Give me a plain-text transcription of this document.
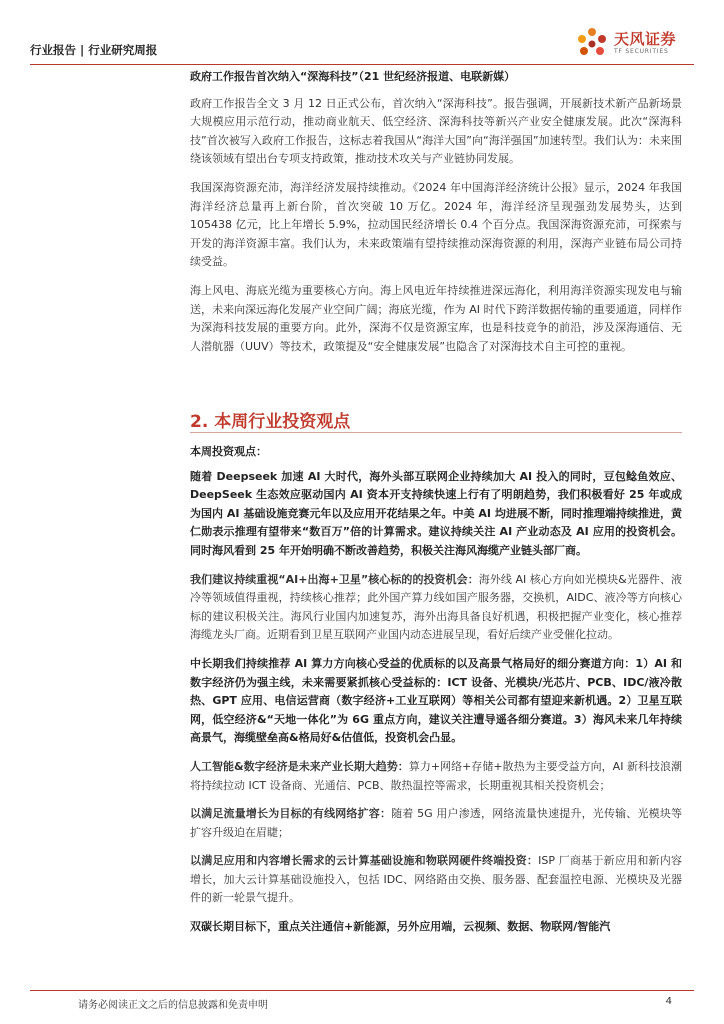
行业报告 | 行业研究周报
天风证券
TF SECURITIES

政府工作报告首次纳入“深海科技”（21 世纪经济报道、电联新媒）

政府工作报告全文 3 月 12 日正式公布，首次纳入“深海科技”。报告强调，开展新技术新产品新场景大规模应用示范行动，推动商业航天、低空经济、深海科技等新兴产业安全健康发展。此次“深海科技”首次被写入政府工作报告，这标志着我国从“海洋大国”向“海洋强国”加速转型。我们认为：未来围绕该领域有望出台专项支持政策，推动技术攻关与产业链协同发展。

我国深海资源充沛，海洋经济发展持续推动。《2024 年中国海洋经济统计公报》显示，2024 年我国海洋经济总量再上新台阶，首次突破 10 万亿。2024 年，海洋经济呈现强劲发展势头，达到 105438 亿元，比上年增长 5.9%，拉动国民经济增长 0.4 个百分点。我国深海资源充沛，可探索与开发的海洋资源丰富。我们认为，未来政策端有望持续推动深海资源的利用，深海产业链布局公司持续受益。

海上风电、海底光缆为重要核心方向。海上风电近年持续推进深远海化，利用海洋资源实现发电与输送，未来向深远海化发展产业空间广阔；海底光缆，作为 AI 时代下跨洋数据传输的重要通道，同样作为深海科技发展的重要方向。此外，深海不仅是资源宝库，也是科技竞争的前沿，涉及深海通信、无人潜航器（UUV）等技术，政策提及“安全健康发展”也隐含了对深海技术自主可控的重视。

2. 本周行业投资观点

本周投资观点：

随着 Deepseek 加速 AI 大时代，海外头部互联网企业持续加大 AI 投入的同时，豆包鲶鱼效应、DeepSeek 生态效应驱动国内 AI 资本开支持续快速上行有了明朗趋势，我们积极看好 25 年或成为国内 AI 基础设施竞赛元年以及应用开花结果之年。中美 AI 均进展不断，同时推理端持续推进，黄仁勋表示推理有望带来“数百万”倍的计算需求。建议持续关注 AI 产业动态及 AI 应用的投资机会。同时海风看到 25 年开始明确不断改善趋势，积极关注海风海缆产业链头部厂商。

我们建议持续重视“AI+出海+卫星”核心标的的投资机会：海外线 AI 核心方向如光模块&光器件、液冷等领域值得重视，持续核心推荐；此外国产算力线如国产服务器，交换机，AIDC、液冷等方向核心标的建议积极关注。海风行业国内加速复苏，海外出海具备良好机遇，积极把握产业变化，核心推荐海缆龙头厂商。近期看到卫星互联网产业国内动态进展呈现，看好后续产业受催化拉动。

中长期我们持续推荐 AI 算力方向核心受益的优质标的以及高景气格局好的细分赛道方向：1）AI 和数字经济仍为强主线，未来需要紧抓核心受益标的：ICT 设备、光模块/光芯片、PCB、IDC/液冷散热、GPT 应用、电信运营商（数字经济+工业互联网）等相关公司都有望迎来新机遇。2）卫星互联网，低空经济&“天地一体化”为 6G 重点方向，建议关注遭导遥各细分赛道。3）海风未来几年持续高景气，海缆壁垒高&格局好&估值低，投资机会凸显。

人工智能&数字经济是未来产业长期大趋势：算力+网络+存储+散热为主要受益方向，AI 新科技浪潮将持续拉动 ICT 设备商、光通信、PCB、散热温控等需求，长期重视其相关投资机会；

以满足流量增长为目标的有线网络扩容：随着 5G 用户渗透，网络流量快速提升，光传输、光模块等扩容升级迫在眉睫；

以满足应用和内容增长需求的云计算基础设施和物联网硬件终端投资：ISP 厂商基于新应用和新内容增长，加大云计算基础设施投入，包括 IDC、网络路由交换、服务器、配套温控电源、光模块及光器件的新一轮景气提升。

双碳长期目标下，重点关注通信+新能源，另外应用端，云视频、数据、物联网/智能汽

请务必阅读正文之后的信息披露和免责申明	4
